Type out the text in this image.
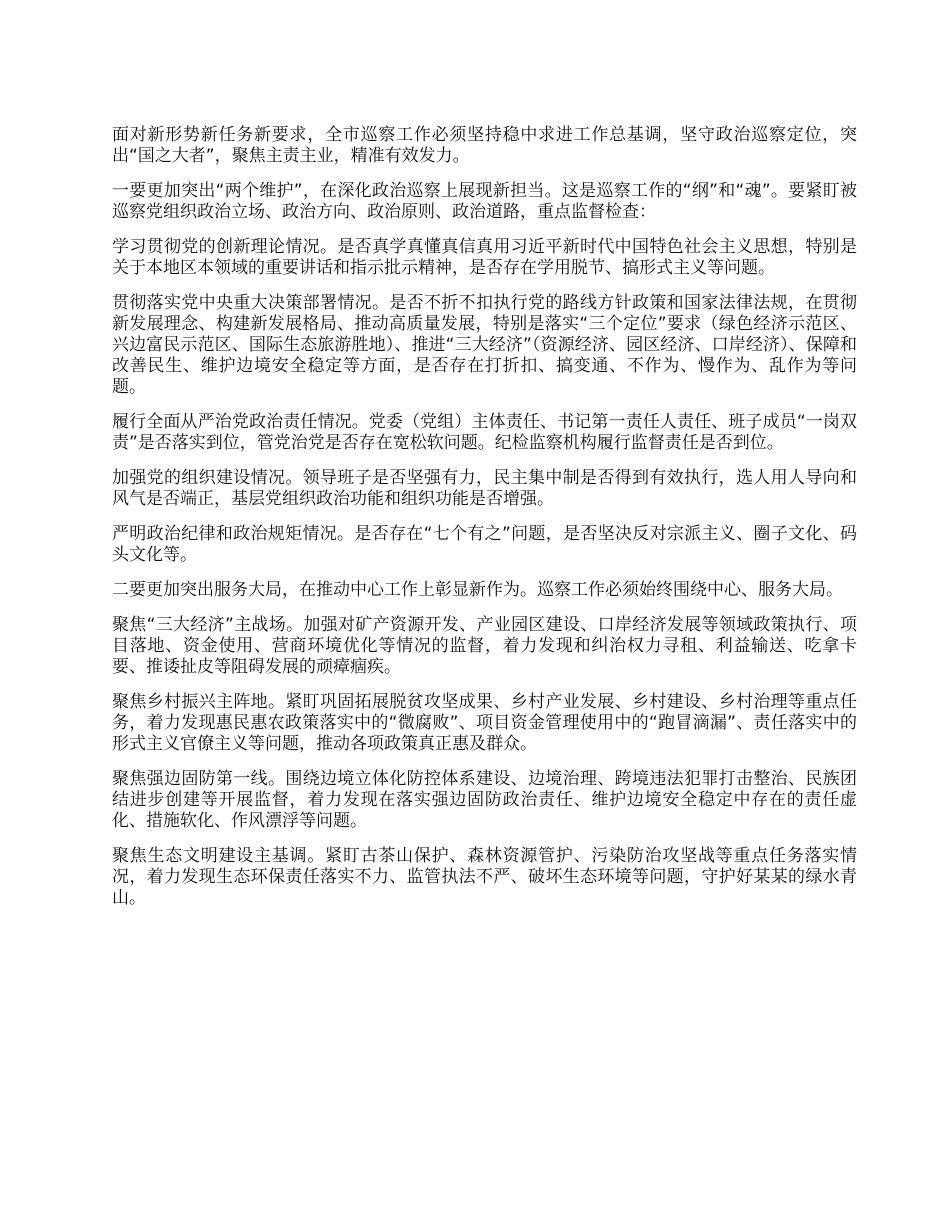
面对新形势新任务新要求，全市巡察工作必须坚持稳中求进工作总基调，坚守政治巡察定位，突出“国之大者”，聚焦主责主业，精准有效发力。

一要更加突出“两个维护”，在深化政治巡察上展现新担当。这是巡察工作的“纲”和“魂”。要紧盯被巡察党组织政治立场、政治方向、政治原则、政治道路，重点监督检查：

学习贯彻党的创新理论情况。是否真学真懂真信真用习近平新时代中国特色社会主义思想，特别是关于本地区本领域的重要讲话和指示批示精神，是否存在学用脱节、搞形式主义等问题。

贯彻落实党中央重大决策部署情况。是否不折不扣执行党的路线方针政策和国家法律法规，在贯彻新发展理念、构建新发展格局、推动高质量发展，特别是落实“三个定位”要求（绿色经济示范区、兴边富民示范区、国际生态旅游胜地）、推进“三大经济”（资源经济、园区经济、口岸经济）、保障和改善民生、维护边境安全稳定等方面，是否存在打折扣、搞变通、不作为、慢作为、乱作为等问题。

履行全面从严治党政治责任情况。党委（党组）主体责任、书记第一责任人责任、班子成员“一岗双责”是否落实到位，管党治党是否存在宽松软问题。纪检监察机构履行监督责任是否到位。

加强党的组织建设情况。领导班子是否坚强有力，民主集中制是否得到有效执行，选人用人导向和风气是否端正，基层党组织政治功能和组织功能是否增强。

严明政治纪律和政治规矩情况。是否存在“七个有之”问题，是否坚决反对宗派主义、圈子文化、码头文化等。

二要更加突出服务大局，在推动中心工作上彰显新作为。巡察工作必须始终围绕中心、服务大局。

聚焦“三大经济”主战场。加强对矿产资源开发、产业园区建设、口岸经济发展等领域政策执行、项目落地、资金使用、营商环境优化等情况的监督，着力发现和纠治权力寻租、利益输送、吃拿卡要、推诿扯皮等阻碍发展的顽瘴痼疾。

聚焦乡村振兴主阵地。紧盯巩固拓展脱贫攻坚成果、乡村产业发展、乡村建设、乡村治理等重点任务，着力发现惠民惠农政策落实中的“微腐败”、项目资金管理使用中的“跑冒滴漏”、责任落实中的形式主义官僚主义等问题，推动各项政策真正惠及群众。

聚焦强边固防第一线。围绕边境立体化防控体系建设、边境治理、跨境违法犯罪打击整治、民族团结进步创建等开展监督，着力发现在落实强边固防政治责任、维护边境安全稳定中存在的责任虚化、措施软化、作风漂浮等问题。

聚焦生态文明建设主基调。紧盯古茶山保护、森林资源管护、污染防治攻坚战等重点任务落实情况，着力发现生态环保责任落实不力、监管执法不严、破坏生态环境等问题，守护好某某的绿水青山。
